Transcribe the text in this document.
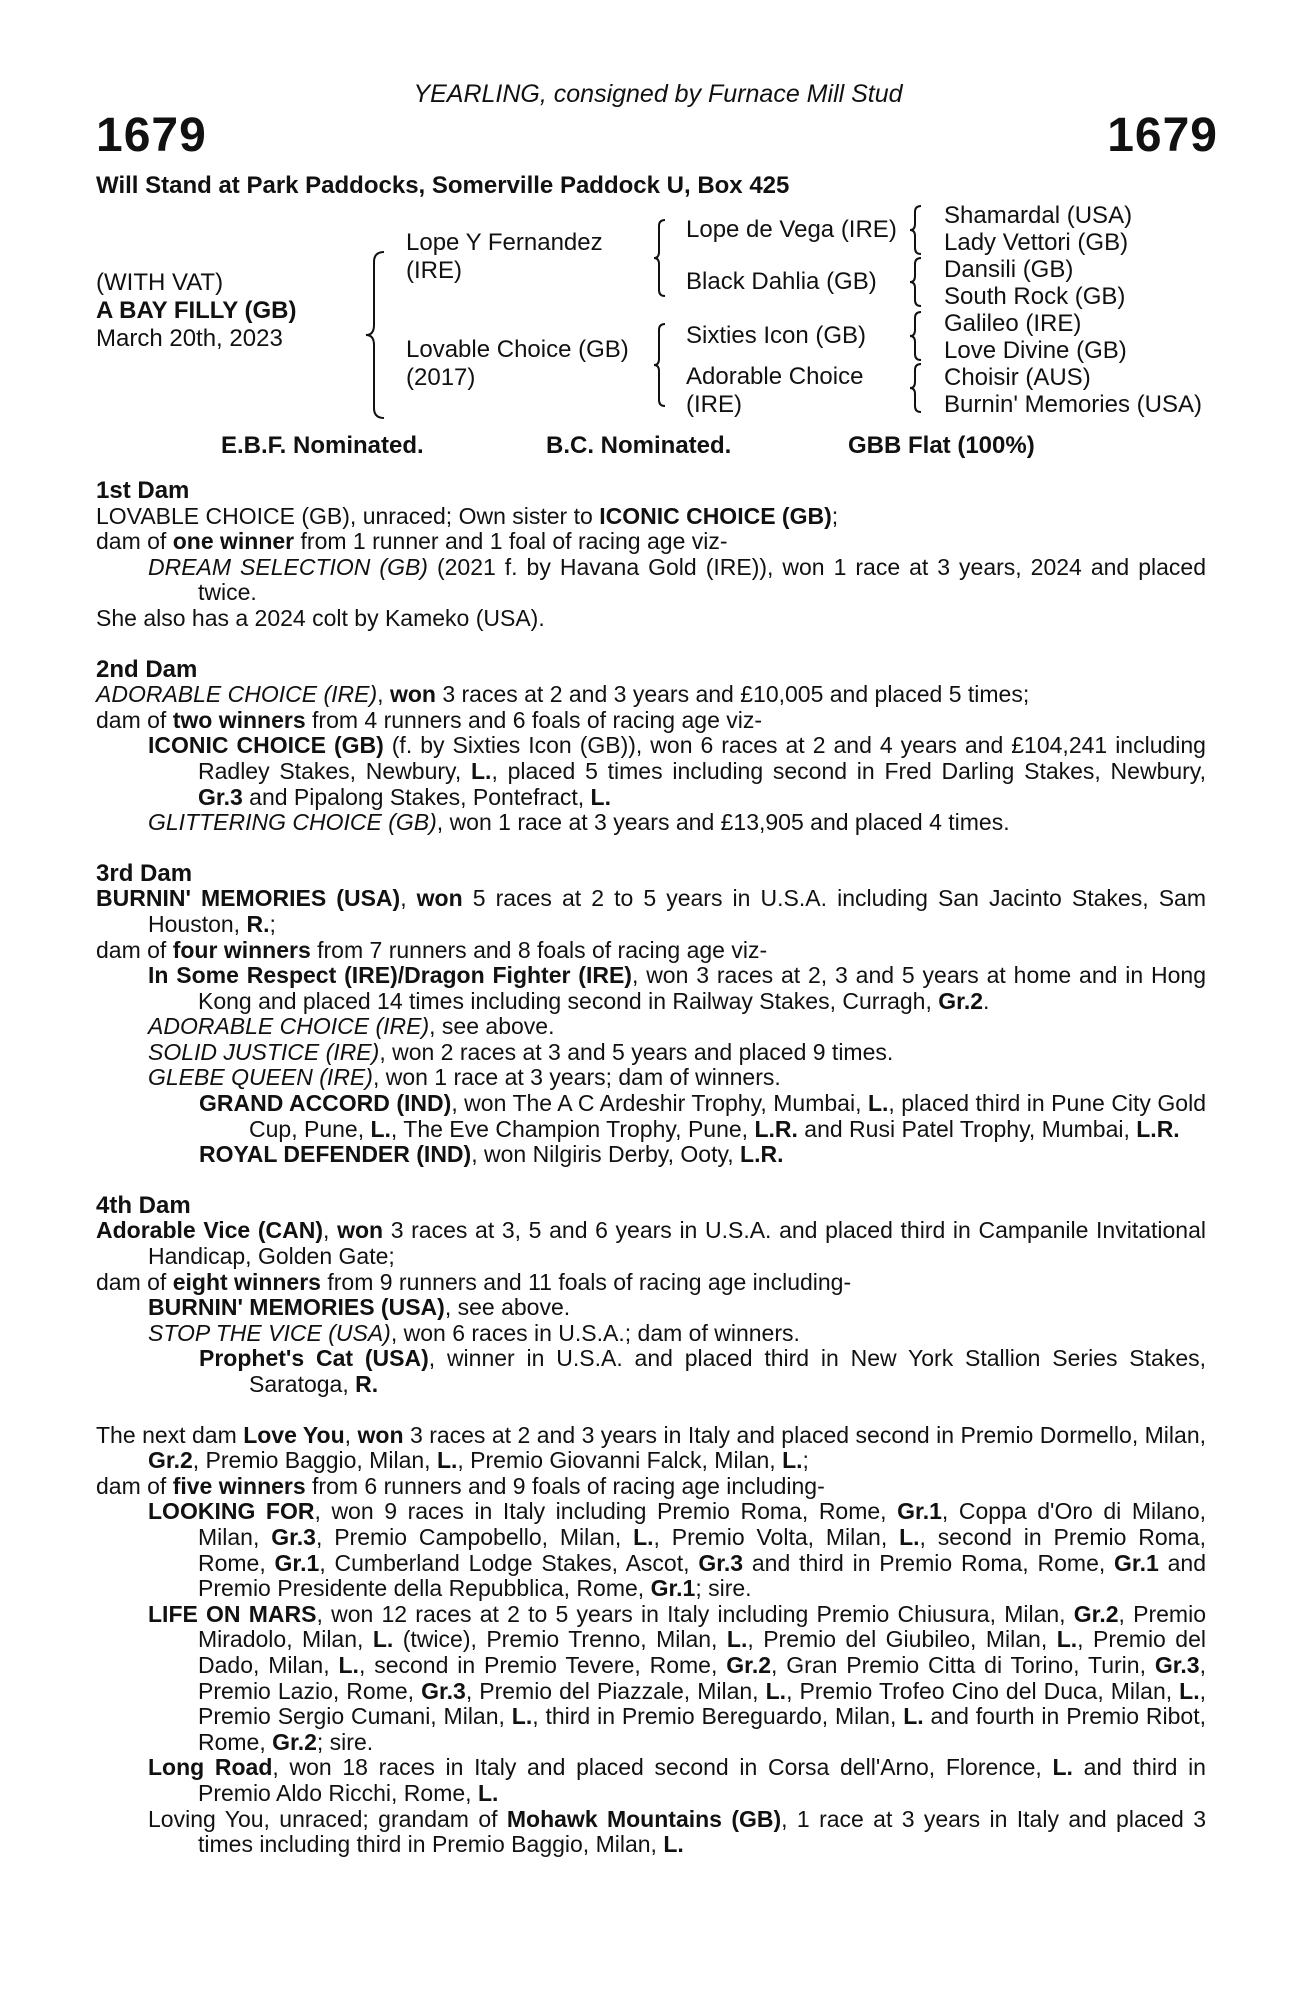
YEARLING, consigned by Furnace Mill Stud
1679	1679
Will Stand at Park Paddocks, Somerville Paddock U, Box 425
(WITH VAT)
A BAY FILLY (GB)
March 20th, 2023
Lope Y Fernandez
(IRE)
Lovable Choice (GB)
(2017)
Lope de Vega (IRE)
Black Dahlia (GB)
Sixties Icon (GB)
Adorable Choice
(IRE)
Shamardal (USA)
Lady Vettori (GB)
Dansili (GB)
South Rock (GB)
Galileo (IRE)
Love Divine (GB)
Choisir (AUS)
Burnin' Memories (USA)
E.B.F. Nominated.	B.C. Nominated.	GBB Flat (100%)

1st Dam

LOVABLE CHOICE (GB), unraced; Own sister to ICONIC CHOICE (GB);

dam of one winner from 1 runner and 1 foal of racing age viz-

DREAM SELECTION (GB) (2021 f. by Havana Gold (IRE)), won 1 race at 3 years, 2024 and placed twice.

She also has a 2024 colt by Kameko (USA).

2nd Dam

ADORABLE CHOICE (IRE), won 3 races at 2 and 3 years and £10,005 and placed 5 times;

dam of two winners from 4 runners and 6 foals of racing age viz-

ICONIC CHOICE (GB) (f. by Sixties Icon (GB)), won 6 races at 2 and 4 years and £104,241 including Radley Stakes, Newbury, L., placed 5 times including second in Fred Darling Stakes, Newbury, Gr.3 and Pipalong Stakes, Pontefract, L.

GLITTERING CHOICE (GB), won 1 race at 3 years and £13,905 and placed 4 times.

3rd Dam

BURNIN' MEMORIES (USA), won 5 races at 2 to 5 years in U.S.A. including San Jacinto Stakes, Sam Houston, R.;

dam of four winners from 7 runners and 8 foals of racing age viz-

In Some Respect (IRE)/Dragon Fighter (IRE), won 3 races at 2, 3 and 5 years at home and in Hong Kong and placed 14 times including second in Railway Stakes, Curragh, Gr.2.

ADORABLE CHOICE (IRE), see above.

SOLID JUSTICE (IRE), won 2 races at 3 and 5 years and placed 9 times.

GLEBE QUEEN (IRE), won 1 race at 3 years; dam of winners.

GRAND ACCORD (IND), won The A C Ardeshir Trophy, Mumbai, L., placed third in Pune City Gold Cup, Pune, L., The Eve Champion Trophy, Pune, L.R. and Rusi Patel Trophy, Mumbai, L.R.

ROYAL DEFENDER (IND), won Nilgiris Derby, Ooty, L.R.

4th Dam

Adorable Vice (CAN), won 3 races at 3, 5 and 6 years in U.S.A. and placed third in Campanile Invitational Handicap, Golden Gate;

dam of eight winners from 9 runners and 11 foals of racing age including-

BURNIN' MEMORIES (USA), see above.

STOP THE VICE (USA), won 6 races in U.S.A.; dam of winners.

Prophet's Cat (USA), winner in U.S.A. and placed third in New York Stallion Series Stakes, Saratoga, R.

The next dam Love You, won 3 races at 2 and 3 years in Italy and placed second in Premio Dormello, Milan, Gr.2, Premio Baggio, Milan, L., Premio Giovanni Falck, Milan, L.;

dam of five winners from 6 runners and 9 foals of racing age including-

LOOKING FOR, won 9 races in Italy including Premio Roma, Rome, Gr.1, Coppa d'Oro di Milano, Milan, Gr.3, Premio Campobello, Milan, L., Premio Volta, Milan, L., second in Premio Roma, Rome, Gr.1, Cumberland Lodge Stakes, Ascot, Gr.3 and third in Premio Roma, Rome, Gr.1 and Premio Presidente della Repubblica, Rome, Gr.1; sire.

LIFE ON MARS, won 12 races at 2 to 5 years in Italy including Premio Chiusura, Milan, Gr.2, Premio Miradolo, Milan, L. (twice), Premio Trenno, Milan, L., Premio del Giubileo, Milan, L., Premio del Dado, Milan, L., second in Premio Tevere, Rome, Gr.2, Gran Premio Citta di Torino, Turin, Gr.3, Premio Lazio, Rome, Gr.3, Premio del Piazzale, Milan, L., Premio Trofeo Cino del Duca, Milan, L., Premio Sergio Cumani, Milan, L., third in Premio Bereguardo, Milan, L. and fourth in Premio Ribot, Rome, Gr.2; sire.

Long Road, won 18 races in Italy and placed second in Corsa dell'Arno, Florence, L. and third in Premio Aldo Ricchi, Rome, L.

Loving You, unraced; grandam of Mohawk Mountains (GB), 1 race at 3 years in Italy and placed 3 times including third in Premio Baggio, Milan, L.
